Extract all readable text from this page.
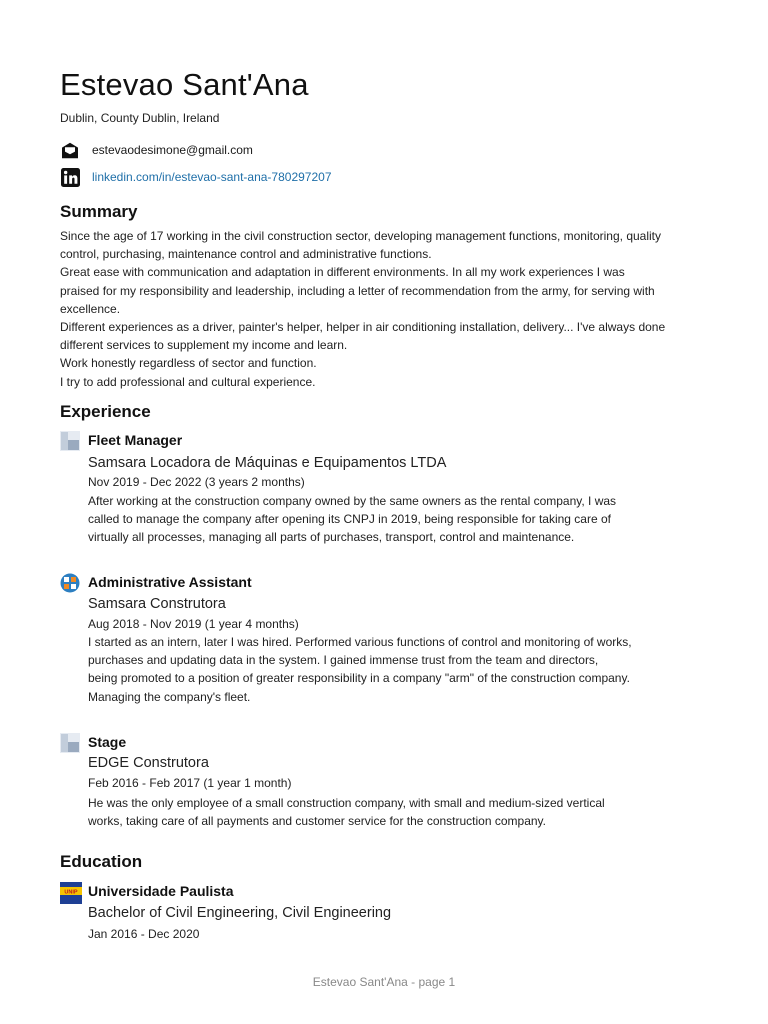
Estevao Sant'Ana
Dublin, County Dublin, Ireland
estevaodesimone@gmail.com
linkedin.com/in/estevao-sant-ana-780297207
Summary
Since the age of 17 working in the civil construction sector, developing management functions, monitoring, quality
control, purchasing, maintenance control and administrative functions.
Great ease with communication and adaptation in different environments. In all my work experiences I was
praised for my responsibility and leadership, including a letter of recommendation from the army, for serving with
excellence.
Different experiences as a driver, painter's helper, helper in air conditioning installation, delivery... I've always done
different services to supplement my income and learn.
Work honestly regardless of sector and function.
I try to add professional and cultural experience.
Experience
Fleet Manager
Samsara Locadora de Máquinas e Equipamentos LTDA
Nov 2019 - Dec 2022 (3 years 2 months)
After working at the construction company owned by the same owners as the rental company, I was
called to manage the company after opening its CNPJ in 2019, being responsible for taking care of
virtually all processes, managing all parts of purchases, transport, control and maintenance.
Administrative Assistant
Samsara Construtora
Aug 2018 - Nov 2019 (1 year 4 months)
I started as an intern, later I was hired. Performed various functions of control and monitoring of works,
purchases and updating data in the system. I gained immense trust from the team and directors,
being promoted to a position of greater responsibility in a company "arm" of the construction company.
Managing the company's fleet.
Stage
EDGE Construtora
Feb 2016 - Feb 2017 (1 year 1 month)
He was the only employee of a small construction company, with small and medium-sized vertical
works, taking care of all payments and customer service for the construction company.
Education
UNIP Universidade Paulista
Bachelor of Civil Engineering, Civil Engineering
Jan 2016 - Dec 2020
Estevao Sant'Ana - page 1
